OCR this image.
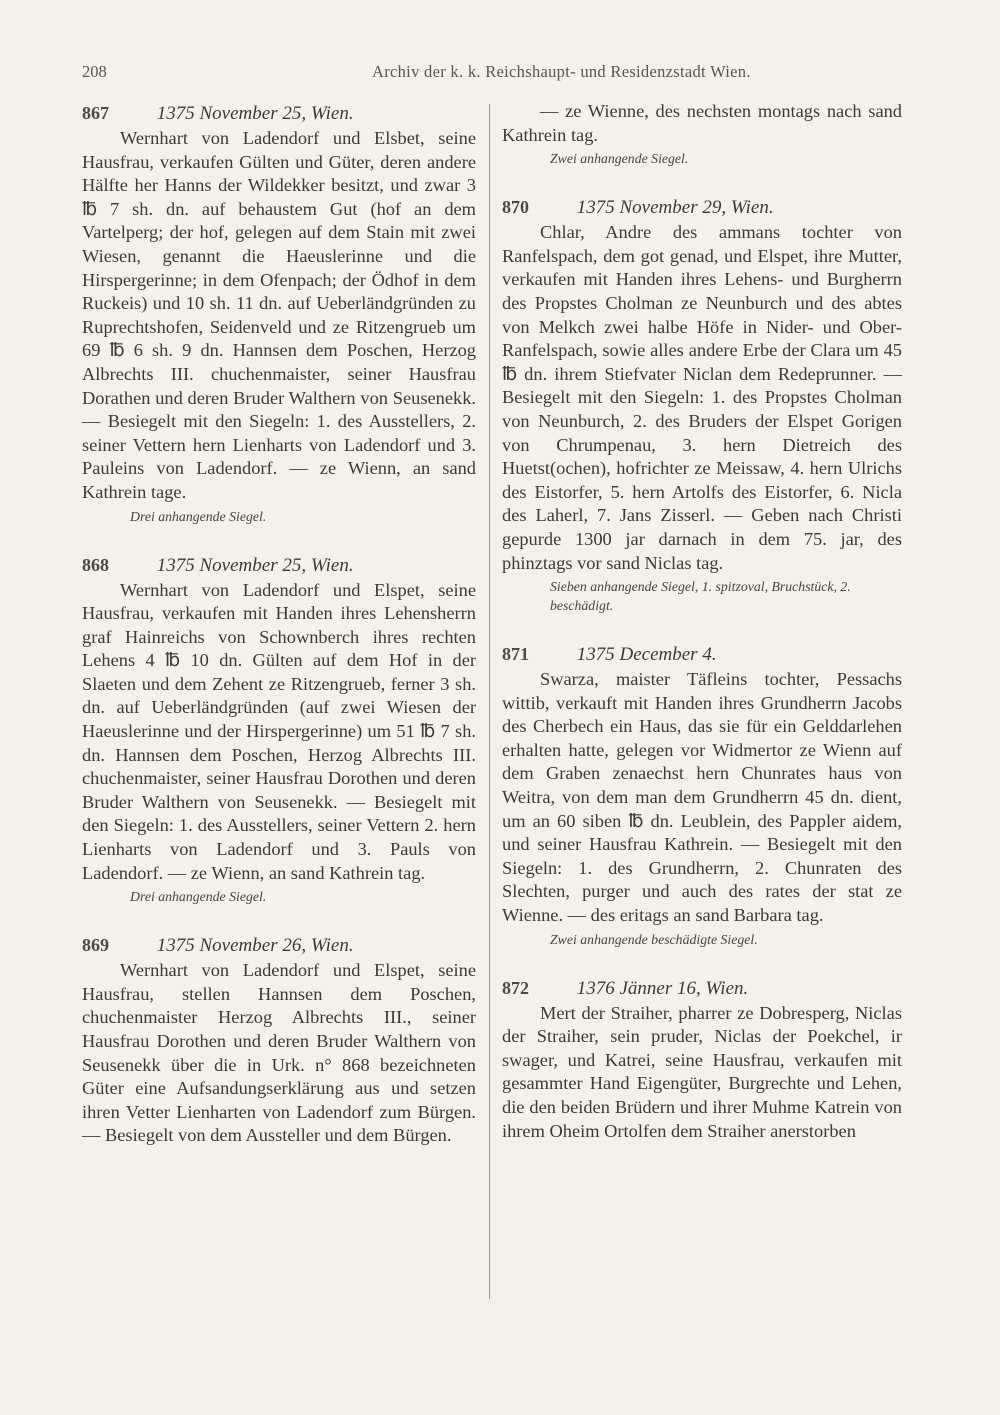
208	Archiv der k. k. Reichshaupt- und Residenzstadt Wien.
867	1375 November 25, Wien.

Wernhart von Ladendorf und Elsbet, seine Hausfrau, verkaufen Gülten und Güter, deren andere Hälfte her Hanns der Wildekker besitzt, und zwar 3 ℔ 7 sh. dn. auf behaustem Gut (hof an dem Vartelperg; der hof, gelegen auf dem Stain mit zwei Wiesen, genannt die Haeuslerinne und die Hirspergerinne; in dem Ofenpach; der Ödhof in dem Ruckeis) und 10 sh. 11 dn. auf Ueberländgründen zu Ruprechtshofen, Seidenveld und ze Ritzengrueb um 69 ℔ 6 sh. 9 dn. Hannsen dem Poschen, Herzog Albrechts III. chuchenmaister, seiner Hausfrau Dorathen und deren Bruder Walthern von Seusenekk. — Besiegelt mit den Siegeln: 1. des Ausstellers, 2. seiner Vettern hern Lienharts von Ladendorf und 3. Pauleins von Ladendorf. — ze Wienn, an sand Kathrein tage.

Drei anhangende Siegel.
868	1375 November 25, Wien.

Wernhart von Ladendorf und Elspet, seine Hausfrau, verkaufen mit Handen ihres Lehensherrn graf Hainreichs von Schownberch ihres rechten Lehens 4 ℔ 10 dn. Gülten auf dem Hof in der Slaeten und dem Zehent ze Ritzengrueb, ferner 3 sh. dn. auf Ueberländgründen (auf zwei Wiesen der Haeuslerinne und der Hirspergerinne) um 51 ℔ 7 sh. dn. Hannsen dem Poschen, Herzog Albrechts III. chuchenmaister, seiner Hausfrau Dorothen und deren Bruder Walthern von Seusenekk. — Besiegelt mit den Siegeln: 1. des Ausstellers, seiner Vettern 2. hern Lienharts von Ladendorf und 3. Pauls von Ladendorf. — ze Wienn, an sand Kathrein tag.

Drei anhangende Siegel.
869	1375 November 26, Wien.

Wernhart von Ladendorf und Elspet, seine Hausfrau, stellen Hannsen dem Poschen, chuchenmaister Herzog Albrechts III., seiner Hausfrau Dorothen und deren Bruder Walthern von Seusenekk über die in Urk. n° 868 bezeichneten Güter eine Aufsandungserklärung aus und setzen ihren Vetter Lienharten von Ladendorf zum Bürgen. — Besiegelt von dem Aussteller und dem Bürgen.

— ze Wienne, des nechsten montags nach sand Kathrein tag.

Zwei anhangende Siegel.
870	1375 November 29, Wien.

Chlar, Andre des ammans tochter von Ranfelspach, dem got genad, und Elspet, ihre Mutter, verkaufen mit Handen ihres Lehens- und Burgherrn des Propstes Cholman ze Neunburch und des abtes von Melkch zwei halbe Höfe in Nider- und Ober-Ranfelspach, sowie alles andere Erbe der Clara um 45 ℔ dn. ihrem Stiefvater Niclan dem Redeprunner. — Besiegelt mit den Siegeln: 1. des Propstes Cholman von Neunburch, 2. des Bruders der Elspet Gorigen von Chrumpenau, 3. hern Dietreich des Huetst(ochen), hofrichter ze Meissaw, 4. hern Ulrichs des Eistorfer, 5. hern Artolfs des Eistorfer, 6. Nicla des Laherl, 7. Jans Zisserl. — Geben nach Christi gepurde 1300 jar darnach in dem 75. jar, des phinztags vor sand Niclas tag.

Sieben anhangende Siegel, 1. spitzoval, Bruchstück, 2. beschädigt.
871	1375 December 4.

Swarza, maister Täfleins tochter, Pessachs wittib, verkauft mit Handen ihres Grundherrn Jacobs des Cherbech ein Haus, das sie für ein Gelddarlehen erhalten hatte, gelegen vor Widmertor ze Wienn auf dem Graben zenaechst hern Chunrates haus von Weitra, von dem man dem Grundherrn 45 dn. dient, um an 60 siben ℔ dn. Leublein, des Pappler aidem, und seiner Hausfrau Kathrein. — Besiegelt mit den Siegeln: 1. des Grundherrn, 2. Chunraten des Slechten, purger und auch des rates der stat ze Wienne. — des eritags an sand Barbara tag.

Zwei anhangende beschädigte Siegel.
872	1376 Jänner 16, Wien.

Mert der Straiher, pharrer ze Dobresperg, Niclas der Straiher, sein pruder, Niclas der Poekchel, ir swager, und Katrei, seine Hausfrau, verkaufen mit gesammter Hand Eigengüter, Burgrechte und Lehen, die den beiden Brüdern und ihrer Muhme Katrein von ihrem Oheim Ortolfen dem Straiher anerstorben
